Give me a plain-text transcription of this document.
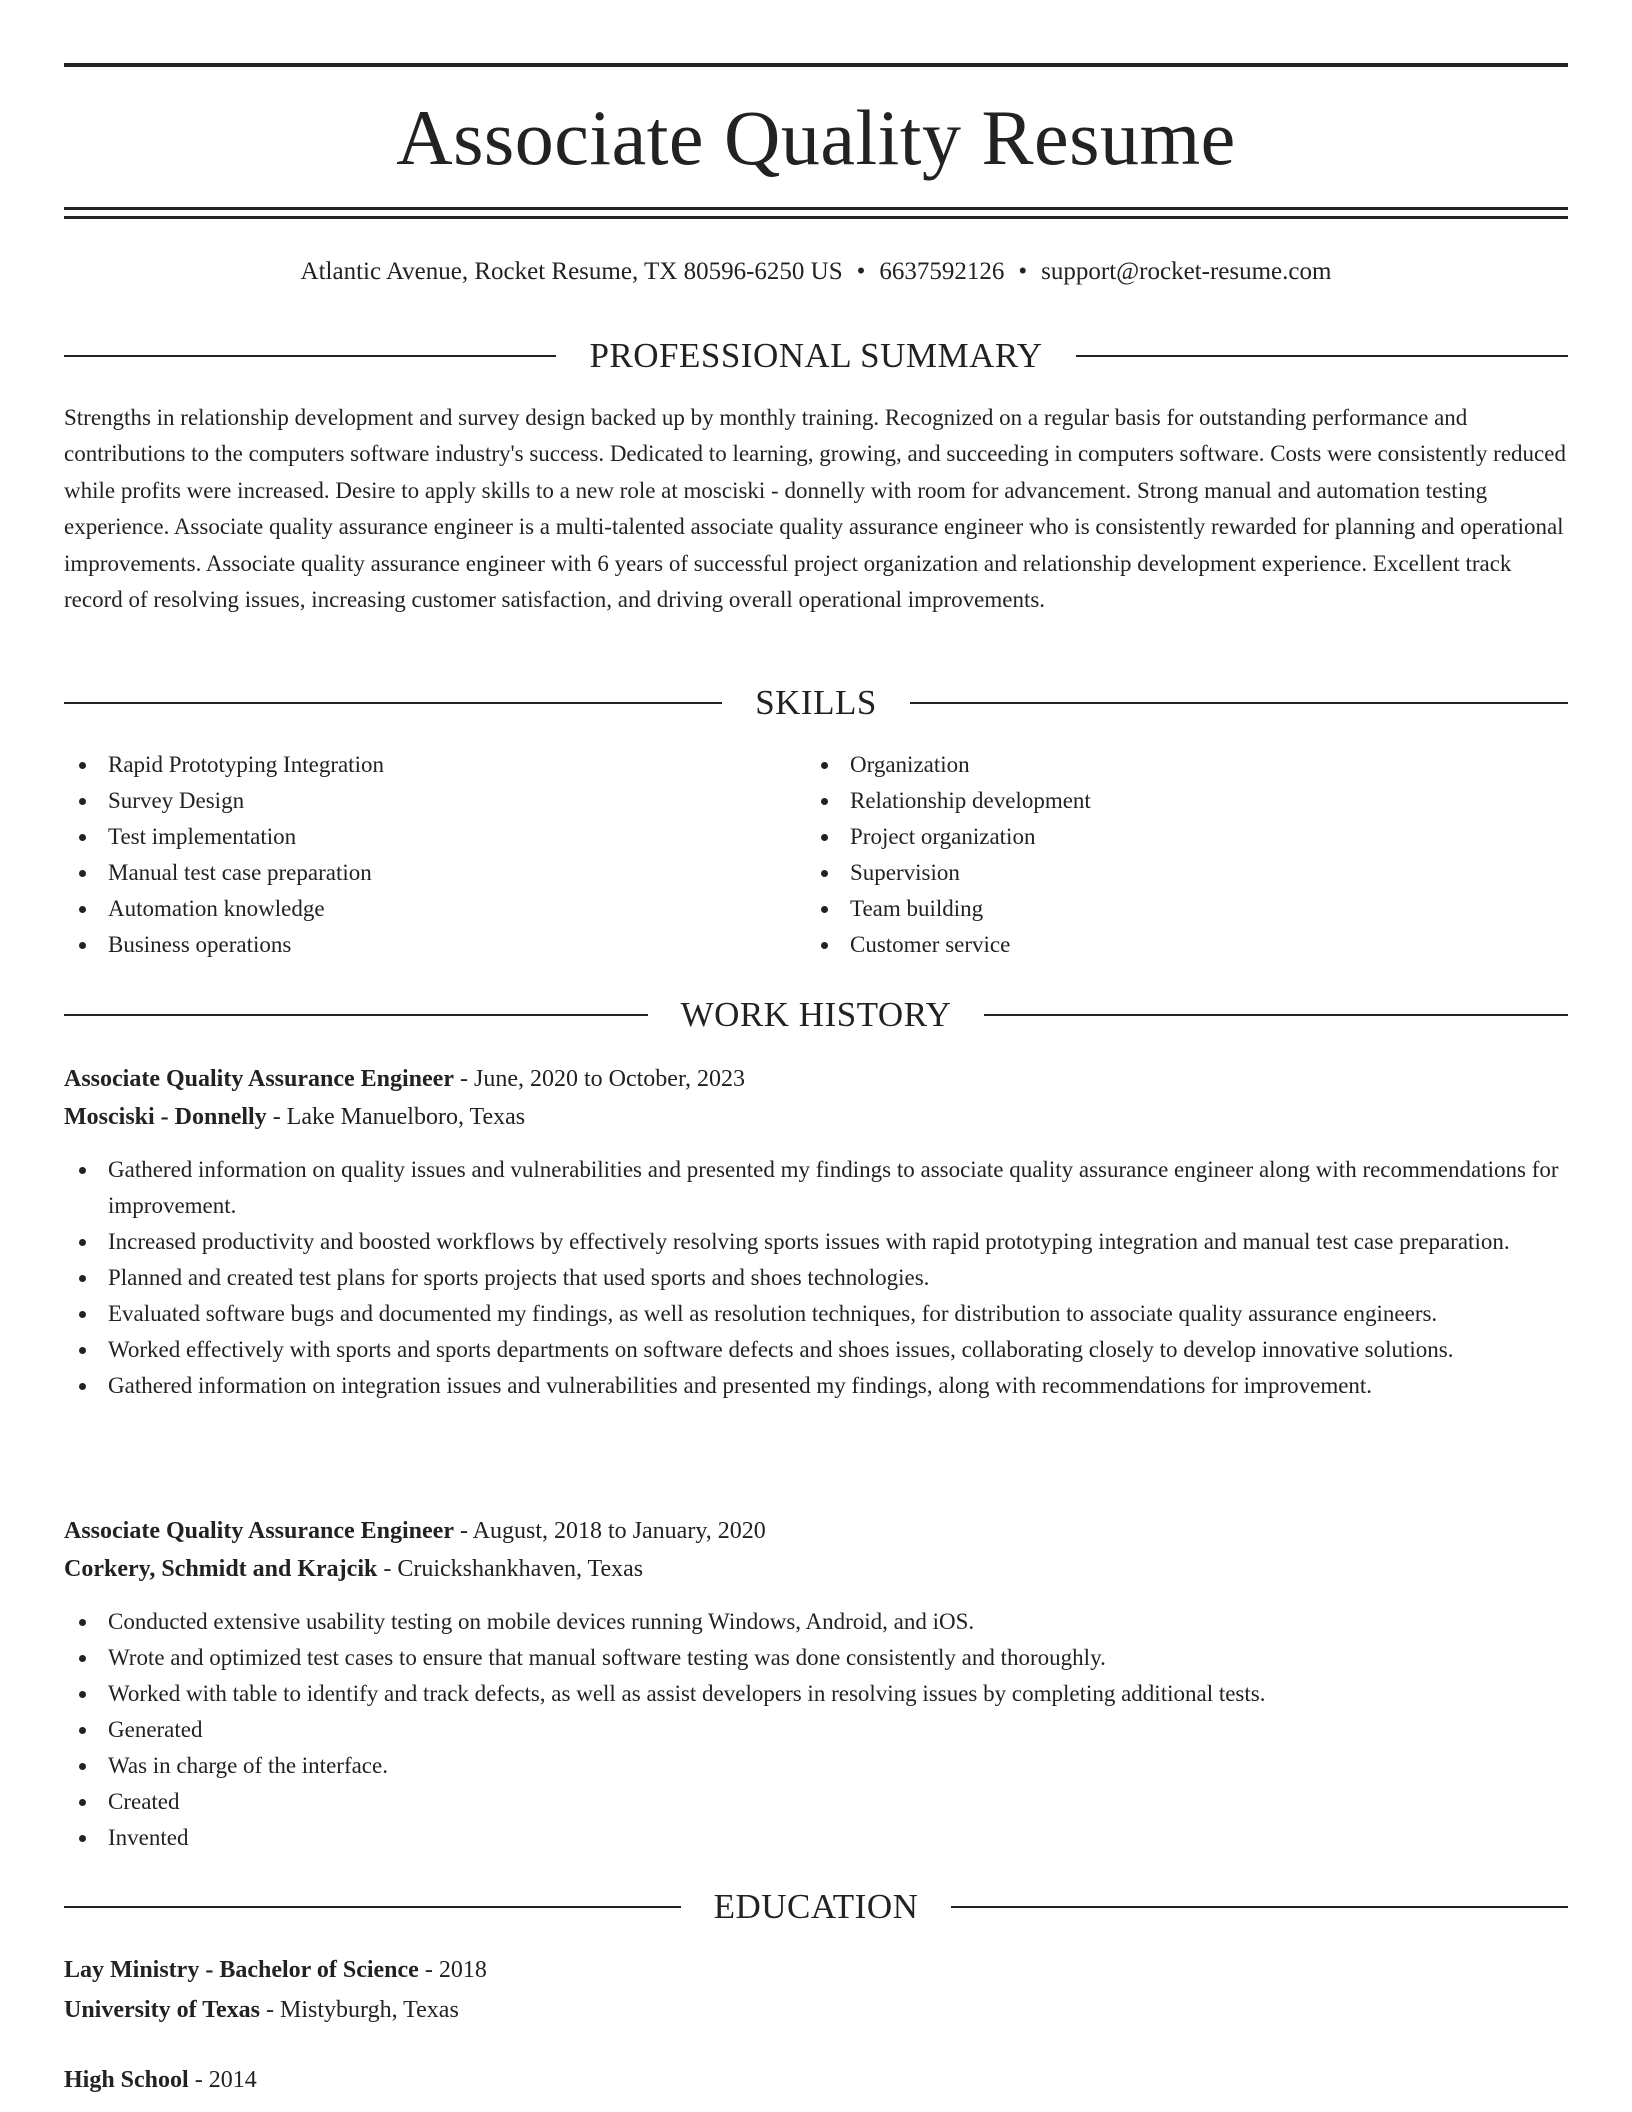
Associate Quality Resume
Atlantic Avenue, Rocket Resume, TX 80596-6250 US • 6637592126 • support@rocket-resume.com
PROFESSIONAL SUMMARY

Strengths in relationship development and survey design backed up by monthly training. Recognized on a regular basis for outstanding performance and contributions to the computers software industry's success. Dedicated to learning, growing, and succeeding in computers software. Costs were consistently reduced while profits were increased. Desire to apply skills to a new role at mosciski - donnelly with room for advancement. Strong manual and automation testing experience. Associate quality assurance engineer is a multi-talented associate quality assurance engineer who is consistently rewarded for planning and operational improvements. Associate quality assurance engineer with 6 years of successful project organization and relationship development experience. Excellent track record of resolving issues, increasing customer satisfaction, and driving overall operational improvements.

SKILLS
Rapid Prototyping Integration
Survey Design
Test implementation
Manual test case preparation
Automation knowledge
Business operations
Organization
Relationship development
Project organization
Supervision
Team building
Customer service
WORK HISTORY
Associate Quality Assurance Engineer - June, 2020 to October, 2023
Mosciski - Donnelly - Lake Manuelboro, Texas
Gathered information on quality issues and vulnerabilities and presented my findings to associate quality assurance engineer along with recommendations for improvement.
Increased productivity and boosted workflows by effectively resolving sports issues with rapid prototyping integration and manual test case preparation.
Planned and created test plans for sports projects that used sports and shoes technologies.
Evaluated software bugs and documented my findings, as well as resolution techniques, for distribution to associate quality assurance engineers.
Worked effectively with sports and sports departments on software defects and shoes issues, collaborating closely to develop innovative solutions.
Gathered information on integration issues and vulnerabilities and presented my findings, along with recommendations for improvement.
Associate Quality Assurance Engineer - August, 2018 to January, 2020
Corkery, Schmidt and Krajcik - Cruickshankhaven, Texas
Conducted extensive usability testing on mobile devices running Windows, Android, and iOS.
Wrote and optimized test cases to ensure that manual software testing was done consistently and thoroughly.
Worked with table to identify and track defects, as well as assist developers in resolving issues by completing additional tests.
Generated
Was in charge of the interface.
Created
Invented
EDUCATION
Lay Ministry - Bachelor of Science - 2018
University of Texas - Mistyburgh, Texas
High School - 2014
